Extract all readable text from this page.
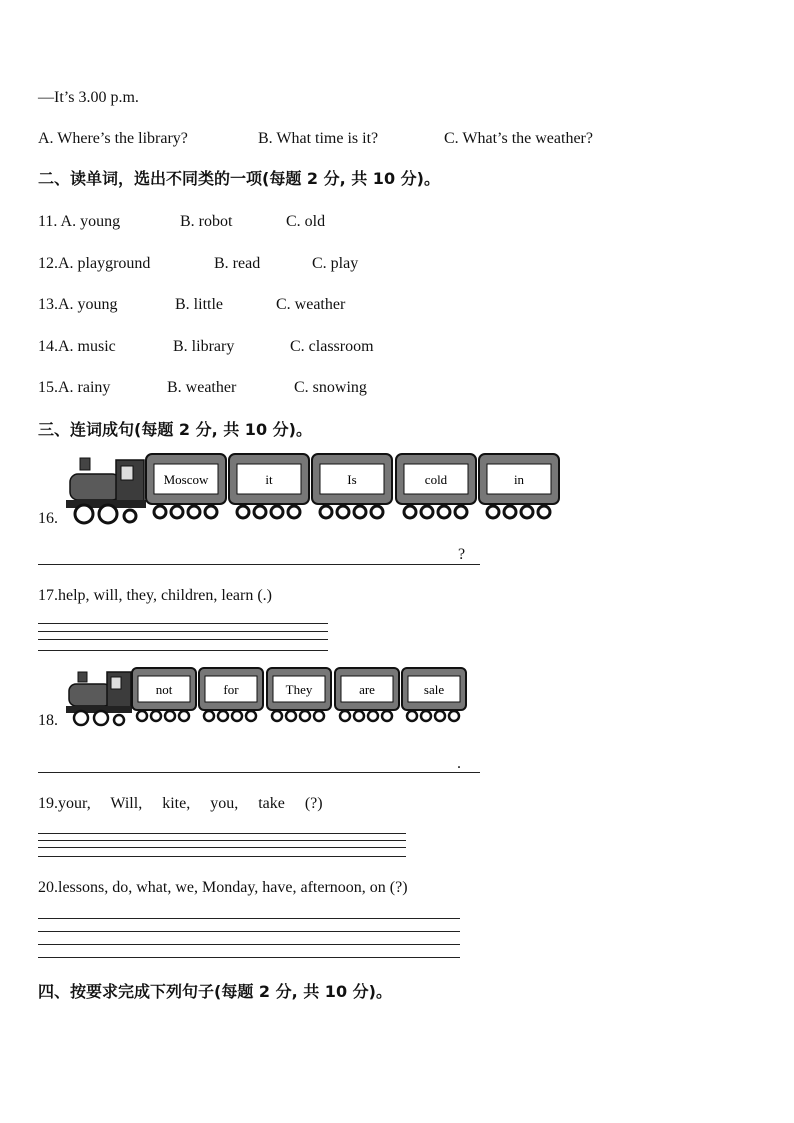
—It’s 3.00 p.m.
A. Where’s the library?	B. What time is it?	C. What’s the weather?
二、读单词，选出不同类的一项(每题 2 分, 共 10 分)。
11. A. young	B. robot	C. old
12.A. playground	B. read	C. play
13.A. young	B. little	C. weather
14.A. music	B. library	C. classroom
15.A. rainy	B. weather	C. snowing
三、连词成句(每题 2 分, 共 10 分)。
16.
Moscow	it	Is	cold	in
?
17.help, will, they, children, learn (.)
18.
not	for	They	are	sale
.
19.your,     Will,     kite,     you,     take     (?)
20.lessons, do, what, we, Monday, have, afternoon, on (?)
四、按要求完成下列句子(每题 2 分, 共 10 分)。
